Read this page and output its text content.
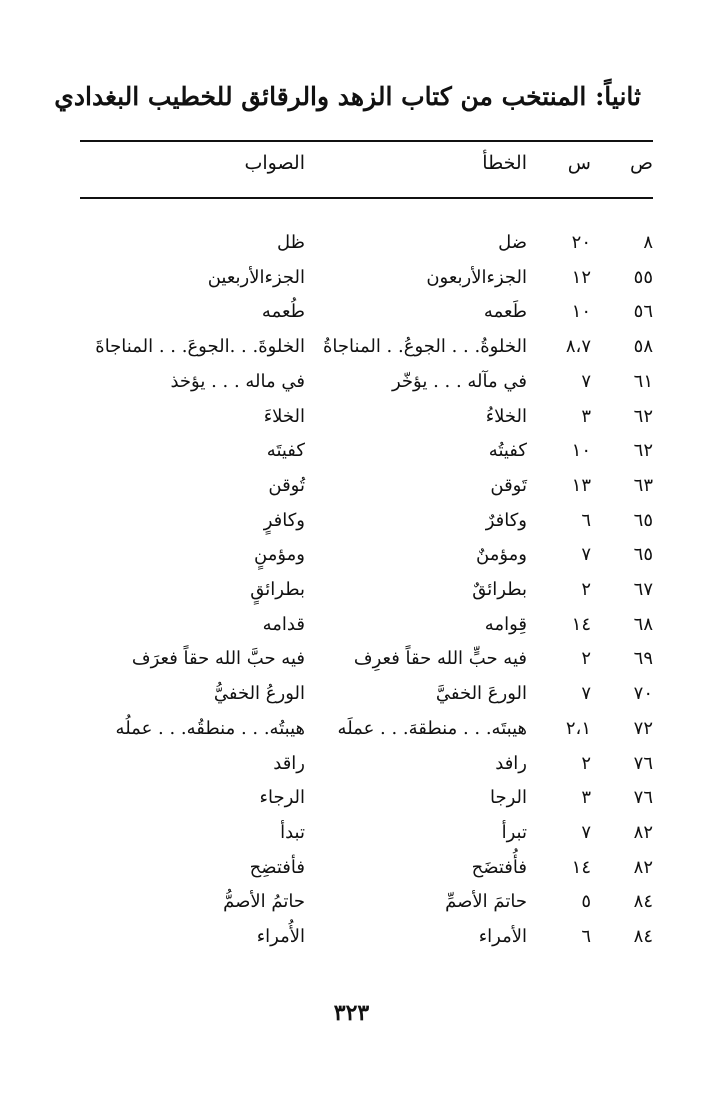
ثانياً: المنتخب من كتاب الزهد والرقائق للخطيب البغدادي
ص
س
الخطأ
الصواب
٨
٢٠
ضل
ظل
٥٥
١٢
الجزءالأربعون
الجزءالأربعين
٥٦
١٠
طَعمه
طُعمه
٥٨
٨،٧
الخلوةُ. . . الجوعُ. . المناجاةُ
الخلوةَ. . .الجوعَ. . . المناجاةَ
٦١
٧
في مآله . . . يؤخّر
في ماله . . . يؤخذ
٦٢
٣
الخلاءُ
الخلاءَ
٦٢
١٠
كفيتُه
كفيتَه
٦٣
١٣
تَوقن
تُوقن
٦٥
٦
وكافرٌ
وكافرٍ
٦٥
٧
ومؤمنٌ
ومؤمنٍ
٦٧
٢
بطرائقٌ
بطرائقٍ
٦٨
١٤
قِوامه
قدامه
٦٩
٢
فيه حبٍّ الله حقاً فعرِف
فيه حبَّ الله حقاً فعرَف
٧٠
٧
الورعَ الخفيَّ
الورعُ الخفيُّ
٧٢
٢،١
هيبتَه. . . منطقهَ. . . عملَه
هيبتُه. . . منطقُه. . . عملُه
٧٦
٢
رافد
راقد
٧٦
٣
الرجا
الرجاء
٨٢
٧
تبرأ
تبدأ
٨٢
١٤
فأُفتضَح
فأفتضِح
٨٤
٥
حاتمَ الأصمِّ
حاتمُ الأصمُّ
٨٤
٦
الأمراء
الأُمراء
٣٢٣
